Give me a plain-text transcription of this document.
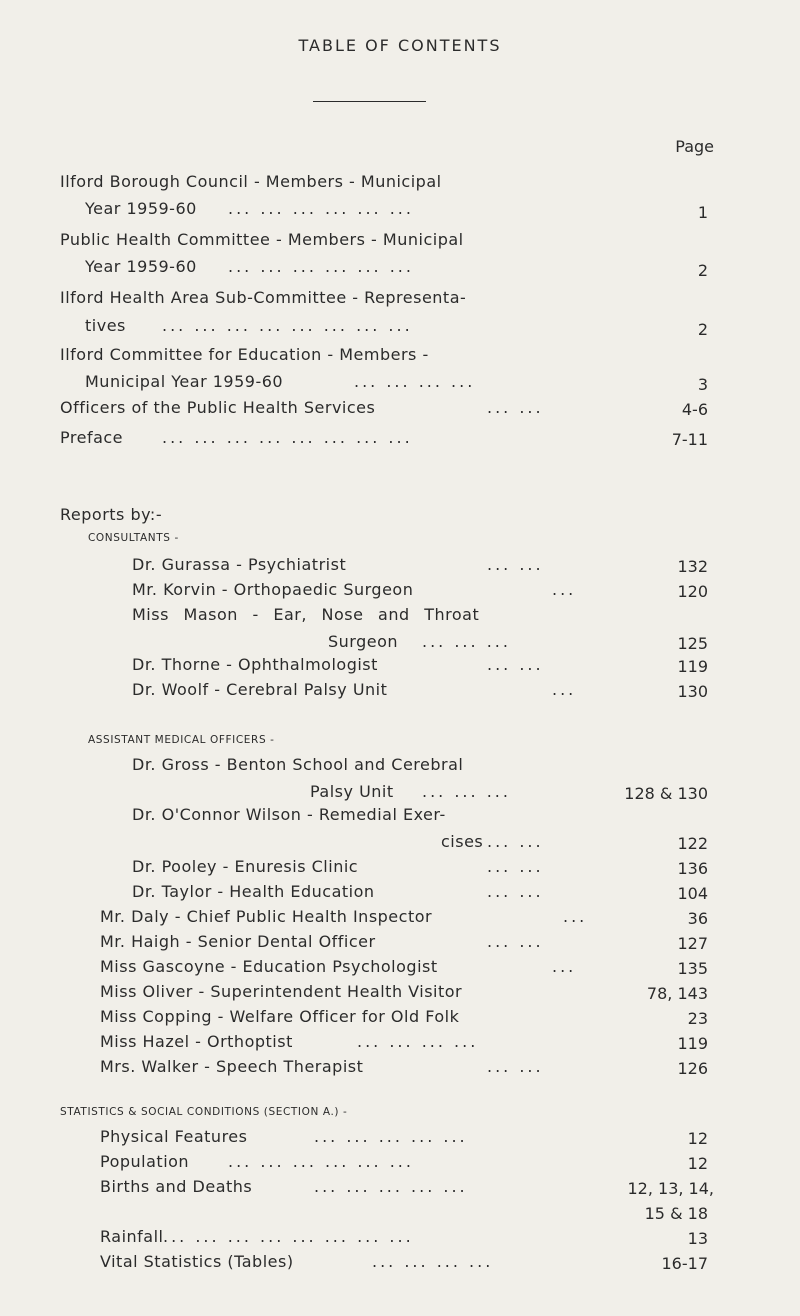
TABLE OF CONTENTS
Page
Ilford Borough Council - Members - Municipal
Year 1959-60 ... ... ... ... ... ...	1
Public Health Committee - Members - Municipal
Year 1959-60 ... ... ... ... ... ...	2
Ilford Health Area Sub-Committee - Representa-
tives ... ... ... ... ... ... ... ...	2
Ilford Committee for Education - Members -
Municipal Year 1959-60	... ... ... ...	3
Officers of the Public Health Services	... ...	4-6
Preface ... ... ... ... ... ... ... ...	7-11
Reports by:-
CONSULTANTS -
Dr. Gurassa - Psychiatrist	... ...	132
Mr. Korvin - Orthopaedic Surgeon	...	120
Miss Mason - Ear, Nose and Throat
Surgeon ... ... ...	125
Dr. Thorne - Ophthalmologist	... ...	119
Dr. Woolf - Cerebral Palsy Unit	...	130
ASSISTANT MEDICAL OFFICERS -
Dr. Gross - Benton School and Cerebral
Palsy Unit ... ... ...	128 & 130
Dr. O'Connor Wilson - Remedial Exer-
cises ... ...	122
Dr. Pooley - Enuresis Clinic	... ...	136
Dr. Taylor - Health Education	... ...	104
Mr. Daly - Chief Public Health Inspector	...	36
Mr. Haigh - Senior Dental Officer	... ...	127
Miss Gascoyne - Education Psychologist	...	135
Miss Oliver - Superintendent Health Visitor	78, 143
Miss Copping - Welfare Officer for Old Folk	23
Miss Hazel - Orthoptist	... ... ... ...	119
Mrs. Walker - Speech Therapist	... ...	126
STATISTICS & SOCIAL CONDITIONS (SECTION A.) -
Physical Features	... ... ... ... ...	12
Population ... ... ... ... ... ...	12
Births and Deaths	... ... ... ... ...	12, 13, 14,
15 & 18
Rainfall ... ... ... ... ... ... ... ...	13
Vital Statistics (Tables)	... ... ... ...	16-17
